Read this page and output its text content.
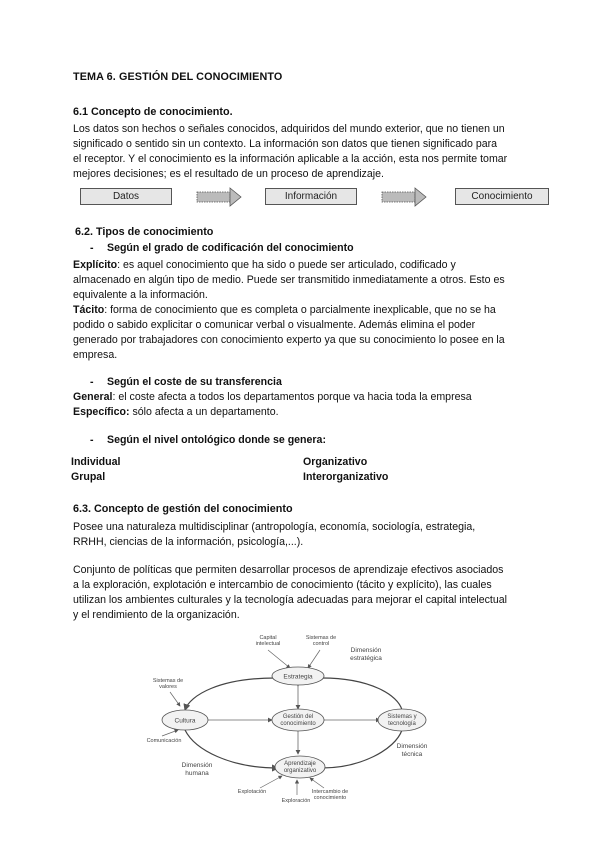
TEMA 6. GESTIÓN DEL CONOCIMIENTO
6.1 Concepto de conocimiento.

Los datos son hechos o señales conocidos, adquiridos del mundo exterior, que no tienen un

significado o sentido sin un contexto. La información son datos que tienen significado para

el receptor. Y el conocimiento es la información aplicable a la acción, esta nos permite tomar

mejores decisiones; es el resultado de un proceso de aprendizaje.

Datos	Información	Conocimiento
6.2. Tipos de conocimiento
- Según el grado de codificación del conocimiento

Explícito: es aquel conocimiento que ha sido o puede ser articulado, codificado y

almacenado en algún tipo de medio. Puede ser transmitido inmediatamente a otros. Esto es

equivalente a la información.

Tácito: forma de conocimiento que es completa o parcialmente inexplicable, que no se ha

podido o sabido explicitar o comunicar verbal o visualmente. Además elimina el poder

generado por trabajadores con conocimiento experto ya que su conocimiento lo posee en la

empresa.

- Según el coste de su transferencia

General: el coste afecta a todos los departamentos porque va hacia toda la empresa

Específico: sólo afecta a un departamento.

- Según el nivel ontológico donde se genera:
Individual
Grupal
Organizativo
Interorganizativo
6.3. Concepto de gestión del conocimiento

Posee una naturaleza multidisciplinar (antropología, economía, sociología, estrategia,

RRHH, ciencias de la información, psicología,...).

Conjunto de políticas que permiten desarrollar procesos de aprendizaje efectivos asociados

a la exploración, explotación e intercambio de conocimiento (tácito y explícito), las cuales

utilizan los ambientes culturales y la tecnología adecuadas para mejorar el capital intelectual

y el rendimiento de la organización.

Estrategia
Gestión del
conocimiento
Cultura
Sistemas y
tecnología
Aprendizaje
organizativo
Capital
intelectual
Sistemas de
control
Sistemas de
valores
Comunicación
Explotación
Exploración
Intercambio de
conocimiento
Dimensión
estratégica
Dimensión
técnica
Dimensión
humana
